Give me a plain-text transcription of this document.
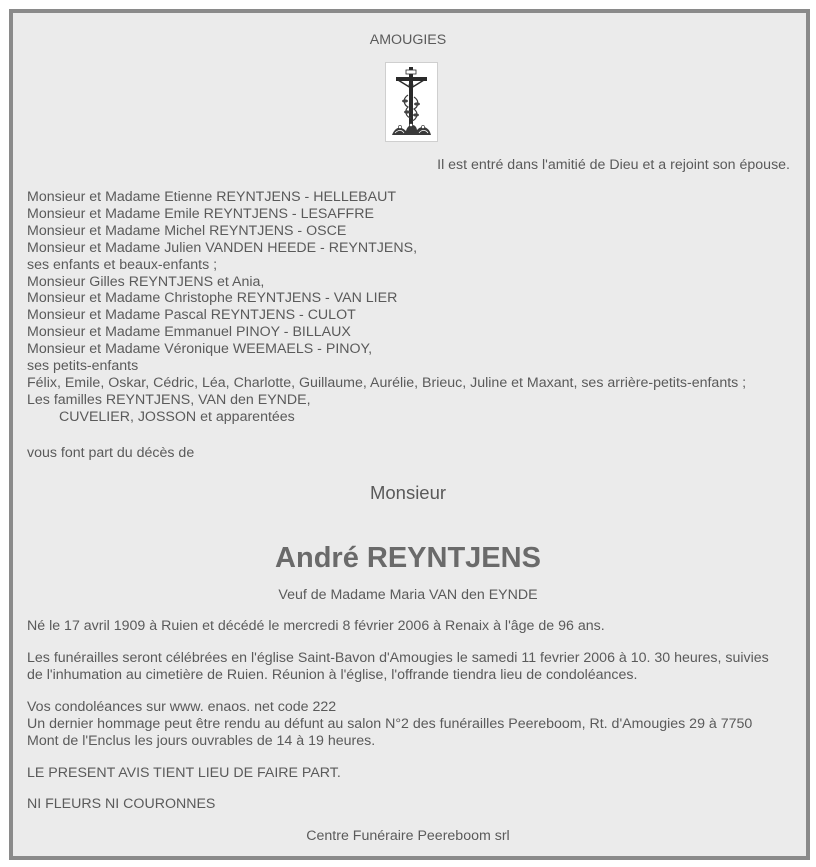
AMOUGIES
Il est entré dans l'amitié de Dieu et a rejoint son épouse.
Monsieur et Madame Etienne REYNTJENS - HELLEBAUT
Monsieur et Madame Emile REYNTJENS - LESAFFRE
Monsieur et Madame Michel REYNTJENS - OSCE
Monsieur et Madame Julien VANDEN HEEDE - REYNTJENS,
ses enfants et beaux-enfants ;
Monsieur Gilles REYNTJENS et Ania,
Monsieur et Madame Christophe REYNTJENS - VAN LIER
Monsieur et Madame Pascal REYNTJENS - CULOT
Monsieur et Madame Emmanuel PINOY - BILLAUX
Monsieur et Madame Véronique WEEMAELS - PINOY,
ses petits-enfants
Félix, Emile, Oskar, Cédric, Léa, Charlotte, Guillaume, Aurélie, Brieuc, Juline et Maxant, ses arrière-petits-enfants ;
Les familles REYNTJENS, VAN den EYNDE,
CUVELIER, JOSSON et apparentées
vous font part du décès de
Monsieur
André REYNTJENS
Veuf de Madame Maria VAN den EYNDE
Né le 17 avril 1909 à Ruien et décédé le mercredi 8 février 2006 à Renaix à l'âge de 96 ans.
Les funérailles seront célébrées en l'église Saint-Bavon d'Amougies le samedi 11 fevrier 2006 à 10. 30 heures, suivies
de l'inhumation au cimetière de Ruien. Réunion à l'église, l'offrande tiendra lieu de condoléances.
Vos condoléances sur www. enaos. net code 222
Un dernier hommage peut être rendu au défunt au salon N°2 des funérailles Peereboom, Rt. d'Amougies 29 à 7750
Mont de l'Enclus les jours ouvrables de 14 à 19 heures.
LE PRESENT AVIS TIENT LIEU DE FAIRE PART.
NI FLEURS NI COURONNES
Centre Funéraire Peereboom srl
